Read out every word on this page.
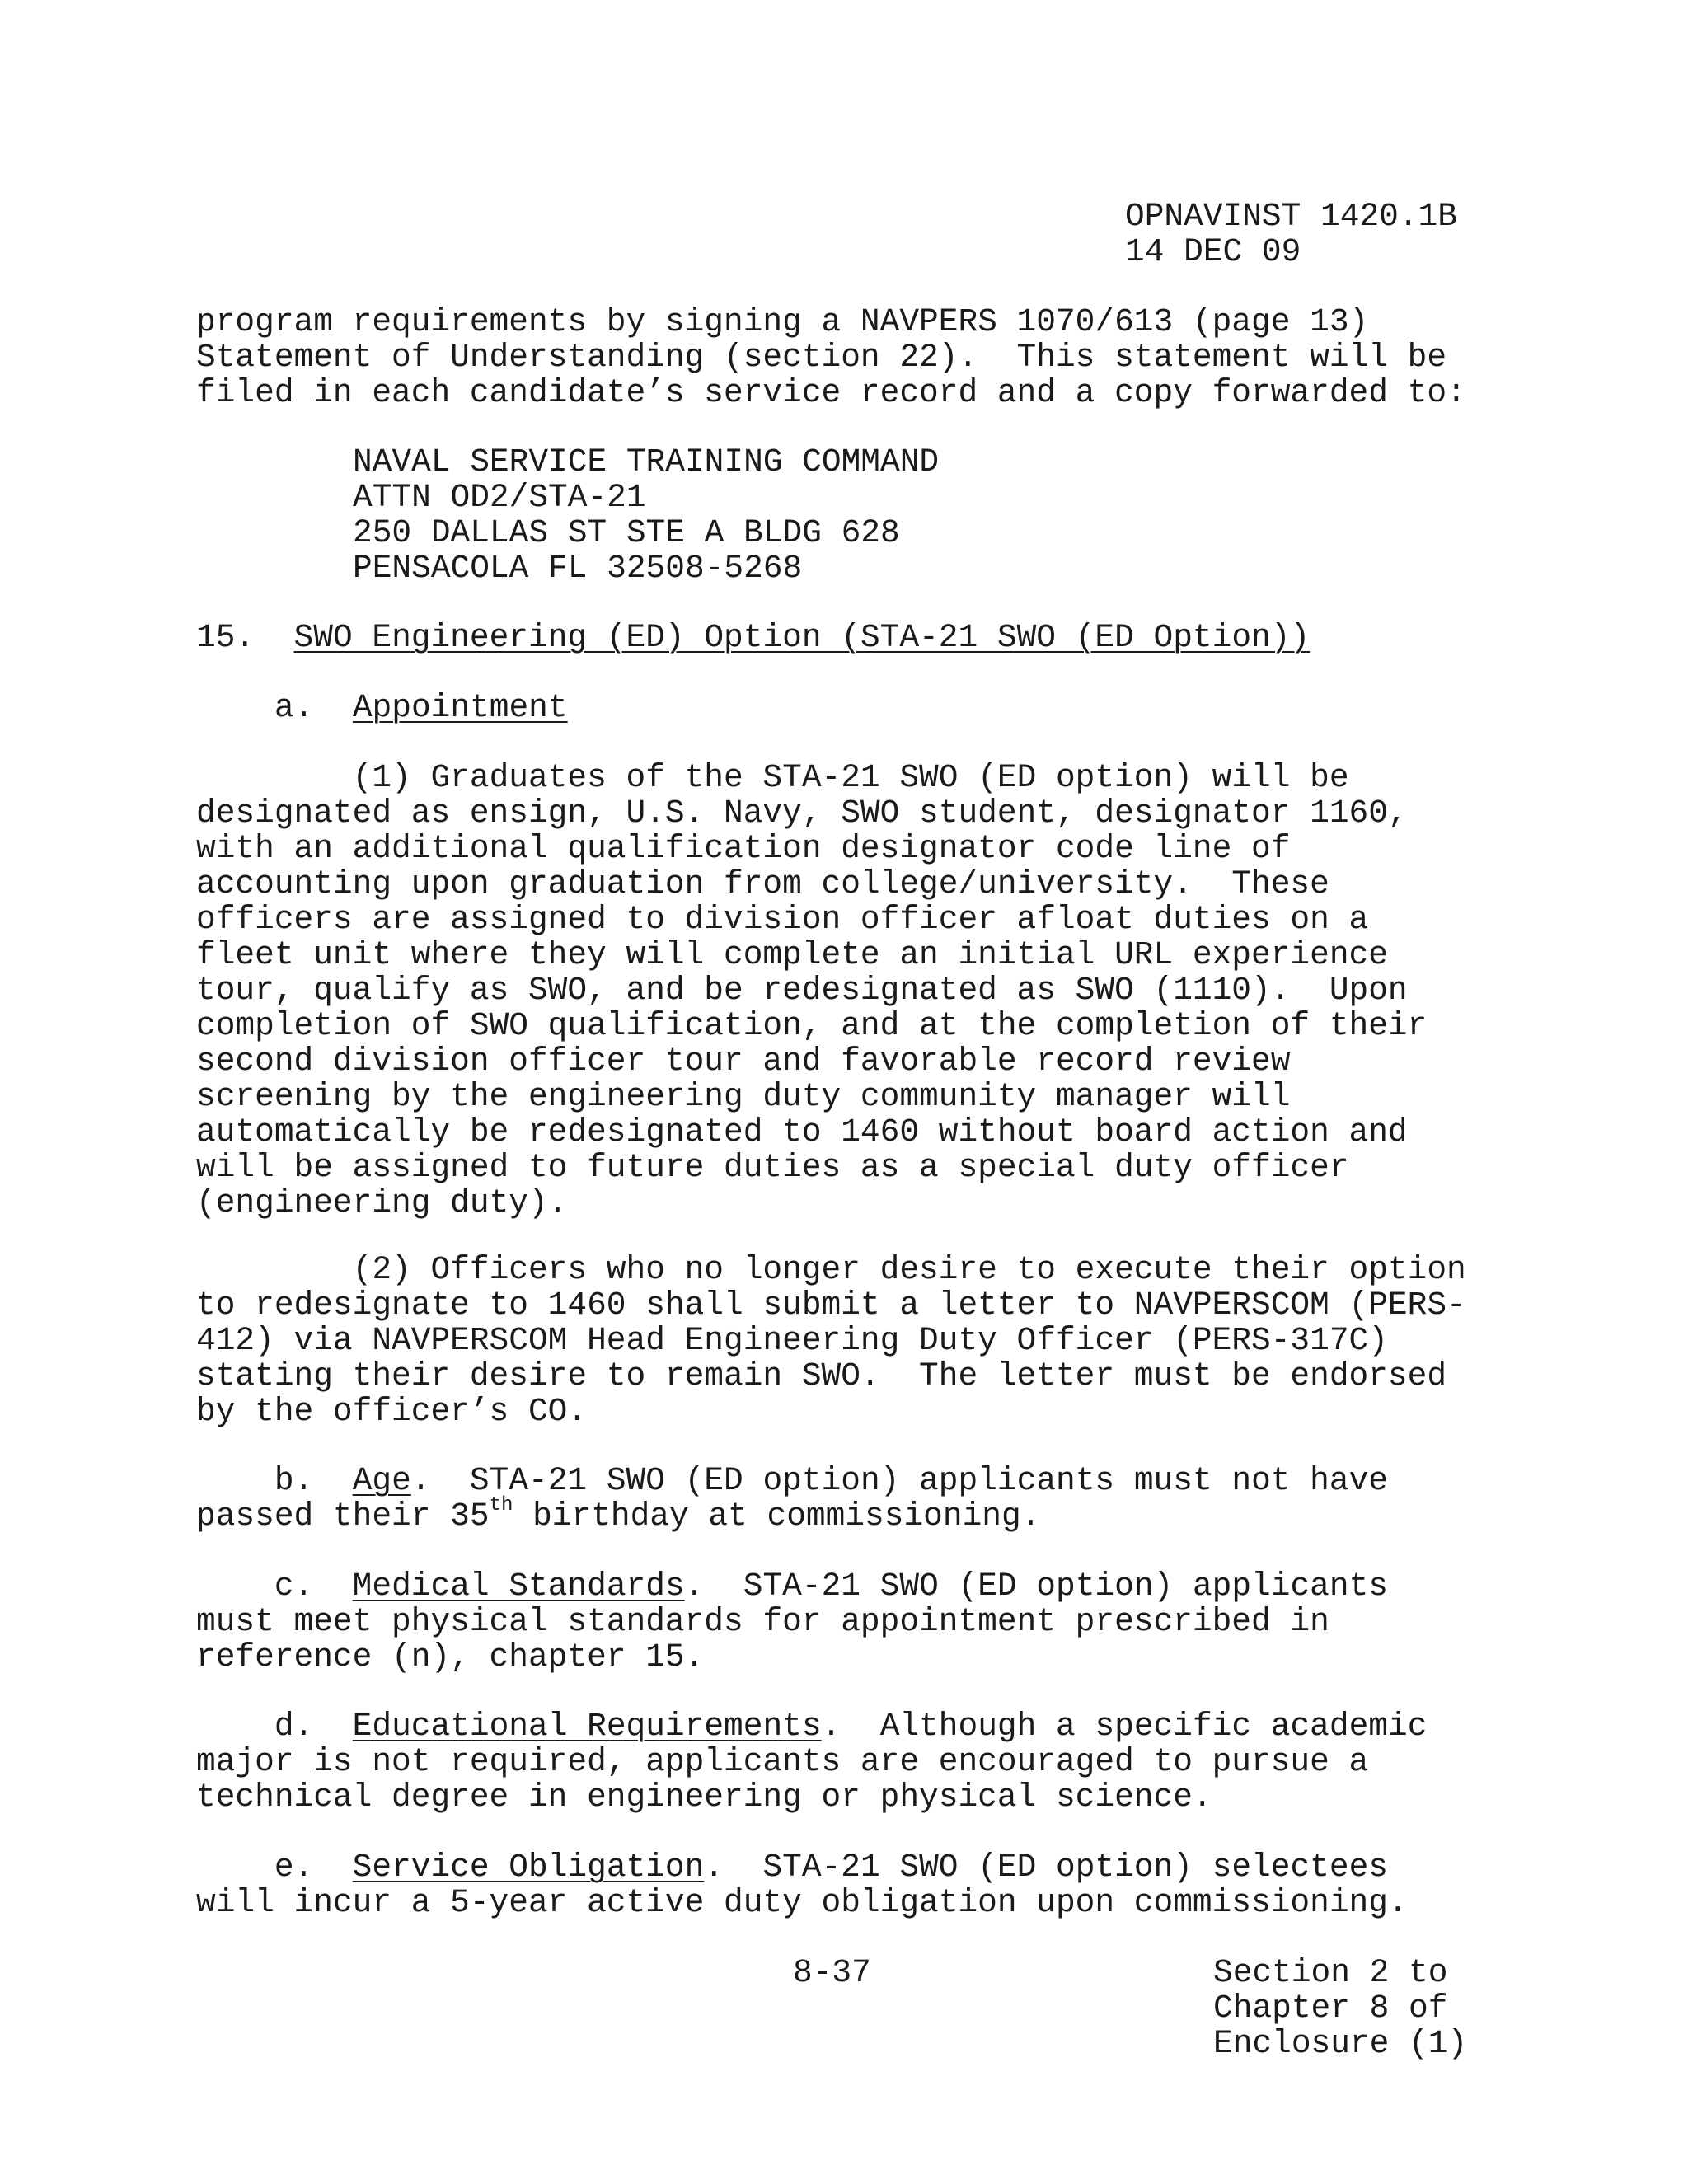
OPNAVINST 1420.1B
14 DEC 09
program requirements by signing a NAVPERS 1070/613 (page 13)
Statement of Understanding (section 22).  This statement will be
filed in each candidate’s service record and a copy forwarded to:
NAVAL SERVICE TRAINING COMMAND
ATTN OD2/STA-21
250 DALLAS ST STE A BLDG 628
PENSACOLA FL 32508-5268
15. SWO Engineering (ED) Option (STA-21 SWO (ED Option))
a. Appointment
(1) Graduates of the STA-21 SWO (ED option) will be
designated as ensign, U.S. Navy, SWO student, designator 1160,
with an additional qualification designator code line of
accounting upon graduation from college/university.  These
officers are assigned to division officer afloat duties on a
fleet unit where they will complete an initial URL experience
tour, qualify as SWO, and be redesignated as SWO (1110).  Upon
completion of SWO qualification, and at the completion of their
second division officer tour and favorable record review
screening by the engineering duty community manager will
automatically be redesignated to 1460 without board action and
will be assigned to future duties as a special duty officer
(engineering duty).
(2) Officers who no longer desire to execute their option
to redesignate to 1460 shall submit a letter to NAVPERSCOM (PERS-
412) via NAVPERSCOM Head Engineering Duty Officer (PERS-317C)
stating their desire to remain SWO.  The letter must be endorsed
by the officer’s CO.
b. Age.  STA-21 SWO (ED option) applicants must not have
passed their 35th birthday at commissioning.
c. Medical Standards.  STA-21 SWO (ED option) applicants
must meet physical standards for appointment prescribed in
reference (n), chapter 15.
d. Educational Requirements.  Although a specific academic
major is not required, applicants are encouraged to pursue a
technical degree in engineering or physical science.
e. Service Obligation.  STA-21 SWO (ED option) selectees
will incur a 5-year active duty obligation upon commissioning.
8-37	Section 2 to
Chapter 8 of
Enclosure (1)
